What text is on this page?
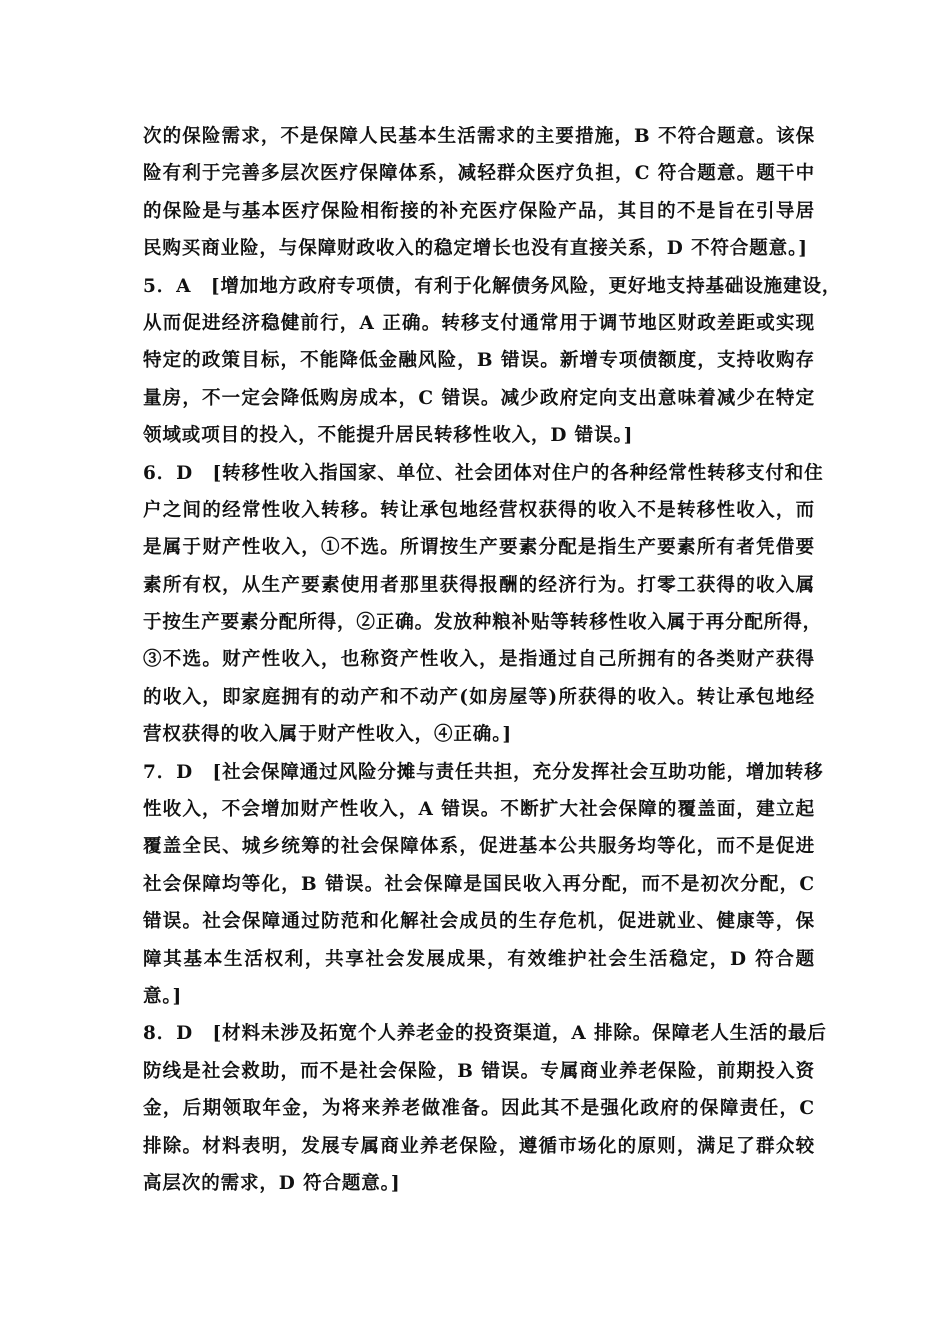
次的保险需求，不是保障人民基本生活需求的主要措施，B 不符合题意。该保
险有利于完善多层次医疗保障体系，减轻群众医疗负担，C 符合题意。题干中
的保险是与基本医疗保险相衔接的补充医疗保险产品，其目的不是旨在引导居
民购买商业险，与保障财政收入的稳定增长也没有直接关系，D 不符合题意。]
5．A　[增加地方政府专项债，有利于化解债务风险，更好地支持基础设施建设，
从而促进经济稳健前行，A 正确。转移支付通常用于调节地区财政差距或实现
特定的政策目标，不能降低金融风险，B 错误。新增专项债额度，支持收购存
量房，不一定会降低购房成本，C 错误。减少政府定向支出意味着减少在特定
领域或项目的投入，不能提升居民转移性收入，D 错误。]
6．D　[转移性收入指国家、单位、社会团体对住户的各种经常性转移支付和住
户之间的经常性收入转移。转让承包地经营权获得的收入不是转移性收入，而
是属于财产性收入，①不选。所谓按生产要素分配是指生产要素所有者凭借要
素所有权，从生产要素使用者那里获得报酬的经济行为。打零工获得的收入属
于按生产要素分配所得，②正确。发放种粮补贴等转移性收入属于再分配所得，
③不选。财产性收入，也称资产性收入，是指通过自己所拥有的各类财产获得
的收入，即家庭拥有的动产和不动产(如房屋等)所获得的收入。转让承包地经
营权获得的收入属于财产性收入，④正确。]
7．D　[社会保障通过风险分摊与责任共担，充分发挥社会互助功能，增加转移
性收入，不会增加财产性收入，A 错误。不断扩大社会保障的覆盖面，建立起
覆盖全民、城乡统筹的社会保障体系，促进基本公共服务均等化，而不是促进
社会保障均等化，B 错误。社会保障是国民收入再分配，而不是初次分配，C
错误。社会保障通过防范和化解社会成员的生存危机，促进就业、健康等，保
障其基本生活权利，共享社会发展成果，有效维护社会生活稳定，D 符合题
意。]
8．D　[材料未涉及拓宽个人养老金的投资渠道，A 排除。保障老人生活的最后
防线是社会救助，而不是社会保险，B 错误。专属商业养老保险，前期投入资
金，后期领取年金，为将来养老做准备。因此其不是强化政府的保障责任，C
排除。材料表明，发展专属商业养老保险，遵循市场化的原则，满足了群众较
高层次的需求，D 符合题意。]
